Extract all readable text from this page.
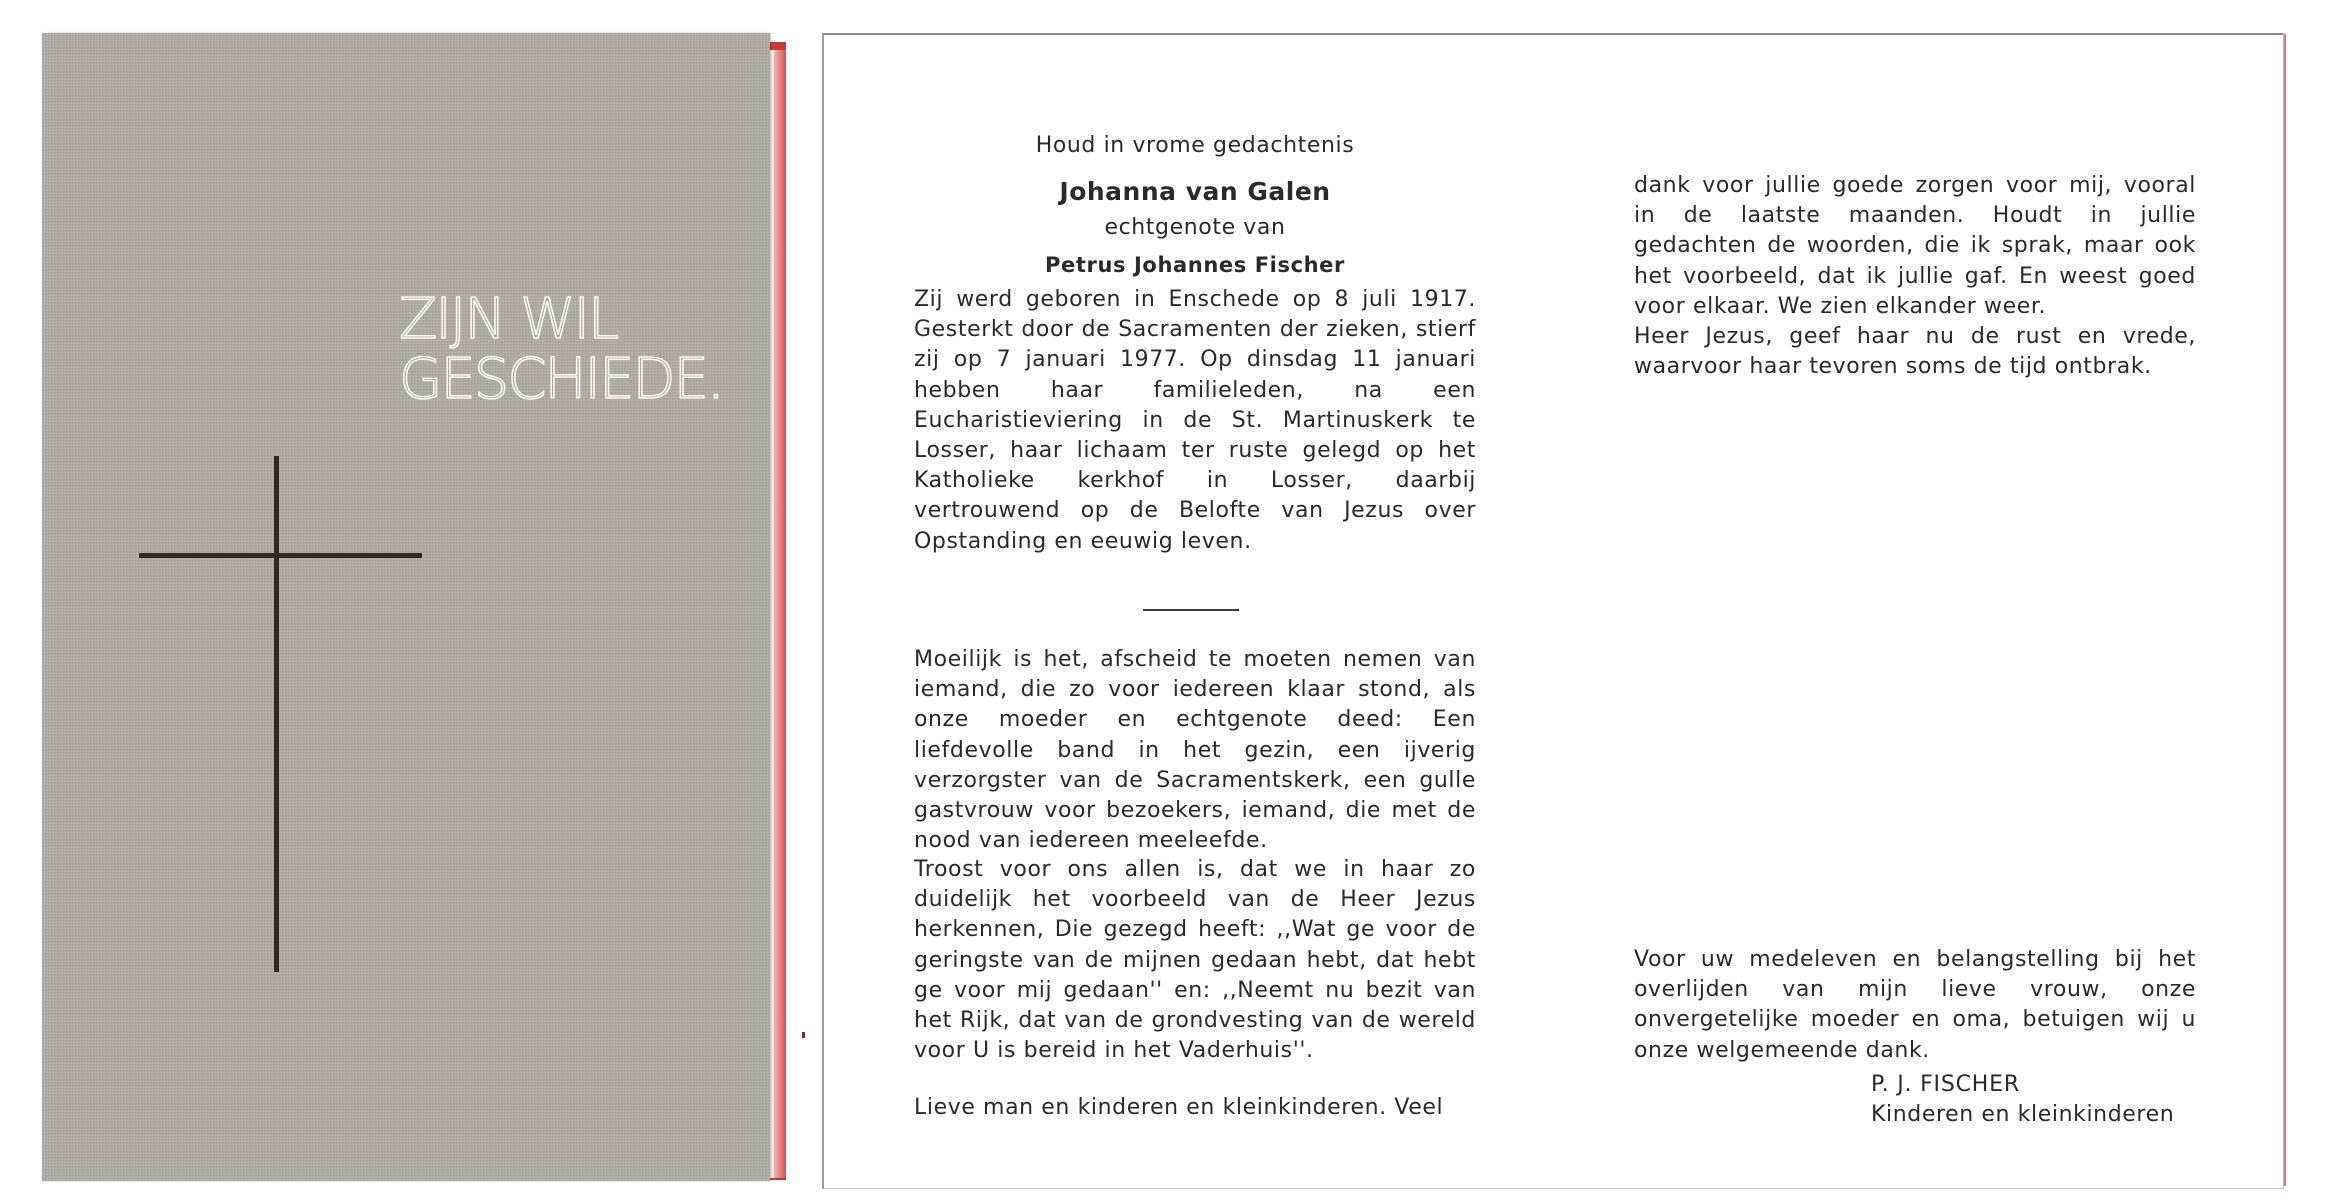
ZIJN WIL
GESCHIEDE.
Houd in vrome gedachtenis
Johanna van Galen
echtgenote van
Petrus Johannes Fischer

Zij werd geboren in Enschede op 8 juli 1917. Gesterkt door de Sacramenten der zieken, stierf zij op 7 januari 1977. Op dinsdag 11 januari hebben haar familieleden, na een Eucharistieviering in de St. Martinuskerk te Losser, haar lichaam ter ruste gelegd op het Katholieke kerkhof in Losser, daarbij vertrouwend op de Belofte van Jezus over Opstanding en eeuwig leven.

Moeilijk is het, afscheid te moeten nemen van iemand, die zo voor iedereen klaar stond, als onze moeder en echtgenote deed: Een liefdevolle band in het gezin, een ijverig verzorgster van de Sacramentskerk, een gulle gastvrouw voor bezoekers, iemand, die met de nood van iedereen meeleefde.

Troost voor ons allen is, dat we in haar zo duidelijk het voorbeeld van de Heer Jezus herkennen, Die gezegd heeft: ,,Wat ge voor de geringste van de mijnen gedaan hebt, dat hebt ge voor mij gedaan'' en: ,,Neemt nu bezit van het Rijk, dat van de grondvesting van de wereld voor U is bereid in het Vaderhuis''.

Lieve man en kinderen en kleinkinderen. Veel

dank voor jullie goede zorgen voor mij, vooral in de laatste maanden. Houdt in jullie gedachten de woorden, die ik sprak, maar ook het voorbeeld, dat ik jullie gaf. En weest goed voor elkaar. We zien elkander weer.

Heer Jezus, geef haar nu de rust en vrede, waarvoor haar tevoren soms de tijd ontbrak.

Voor uw medeleven en belangstelling bij het overlijden van mijn lieve vrouw, onze onvergetelijke moeder en oma, betuigen wij u onze welgemeende dank.

P. J. FISCHER
Kinderen en kleinkinderen
